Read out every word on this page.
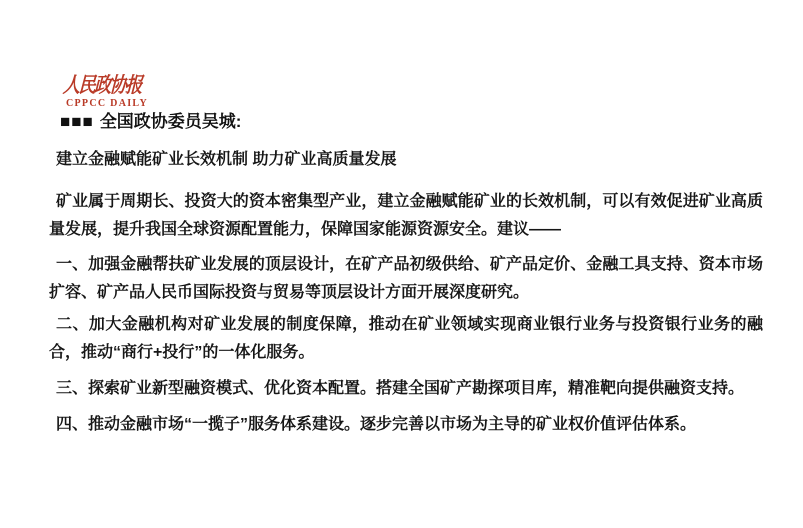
人民政协报
CPPCC DAILY
■■■ 全国政协委员吴城:
建立金融赋能矿业长效机制 助力矿业高质量发展
矿业属于周期长、投资大的资本密集型产业，建立金融赋能矿业的长效机制，可以有效促进矿业高质量发展，提升我国全球资源配置能力，保障国家能源资源安全。建议——
一、加强金融帮扶矿业发展的顶层设计，在矿产品初级供给、矿产品定价、金融工具支持、资本市场扩容、矿产品人民币国际投资与贸易等顶层设计方面开展深度研究。
二、加大金融机构对矿业发展的制度保障，推动在矿业领域实现商业银行业务与投资银行业务的融合，推动“商行+投行”的一体化服务。
三、探索矿业新型融资模式、优化资本配置。搭建全国矿产勘探项目库，精准靶向提供融资支持。
四、推动金融市场“一揽子”服务体系建设。逐步完善以市场为主导的矿业权价值评估体系。
